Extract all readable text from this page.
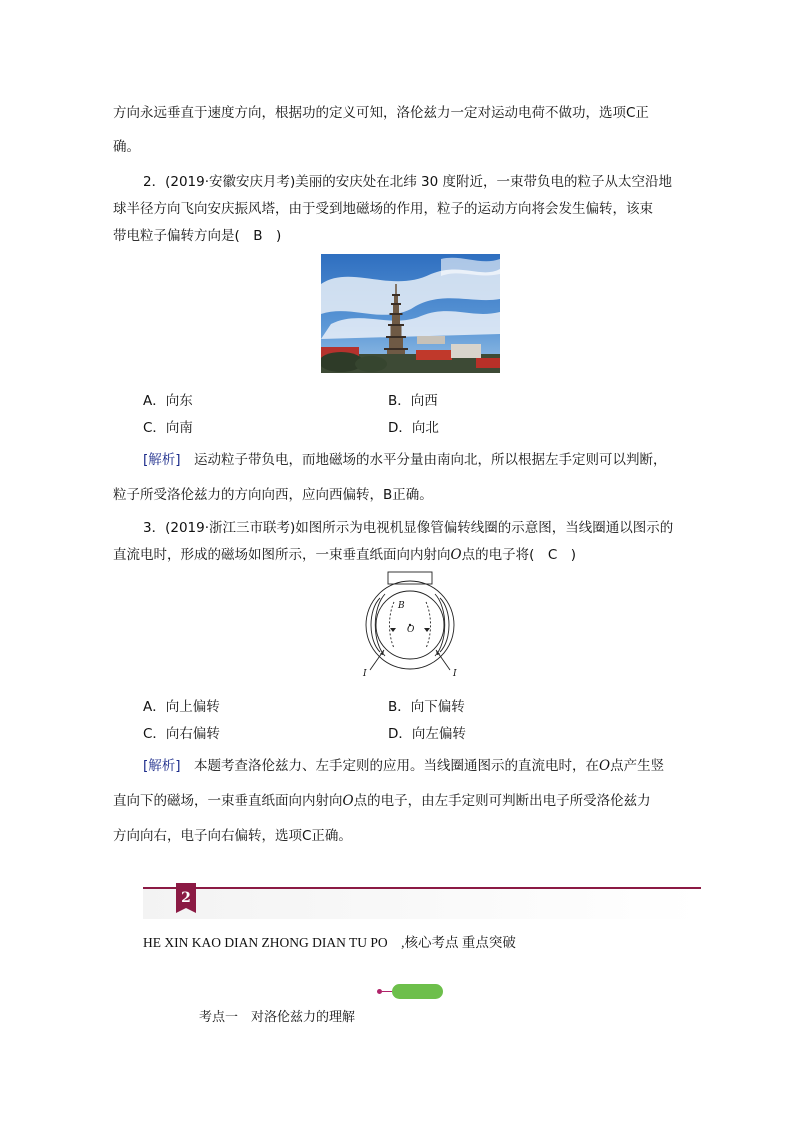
方向永远垂直于速度方向，根据功的定义可知，洛伦兹力一定对运动电荷不做功，选项C正
确。
2．(2019·安徽安庆月考)美丽的安庆处在北纬 30 度附近，一束带负电的粒子从太空沿地
球半径方向飞向安庆振风塔，由于受到地磁场的作用，粒子的运动方向将会发生偏转，该束
带电粒子偏转方向是(　B　)
A．向东	B．向西
C．向南	D．向北
[解析]　运动粒子带负电，而地磁场的水平分量由南向北，所以根据左手定则可以判断，
粒子所受洛伦兹力的方向向西，应向西偏转，B正确。
3．(2019·浙江三市联考)如图所示为电视机显像管偏转线圈的示意图，当线圈通以图示的
直流电时，形成的磁场如图所示，一束垂直纸面向内射向O点的电子将(　C　)
B
O
I	I
A．向上偏转	B．向下偏转
C．向右偏转	D．向左偏转
[解析]　本题考查洛伦兹力、左手定则的应用。当线圈通图示的直流电时，在O点产生竖
直向下的磁场，一束垂直纸面向内射向O点的电子，由左手定则可判断出电子所受洛伦兹力
方向向右，电子向右偏转，选项C正确。
2
HE XIN KAO DIAN ZHONG DIAN TU PO　,核心考点 重点突破
考点一　对洛伦兹力的理解
